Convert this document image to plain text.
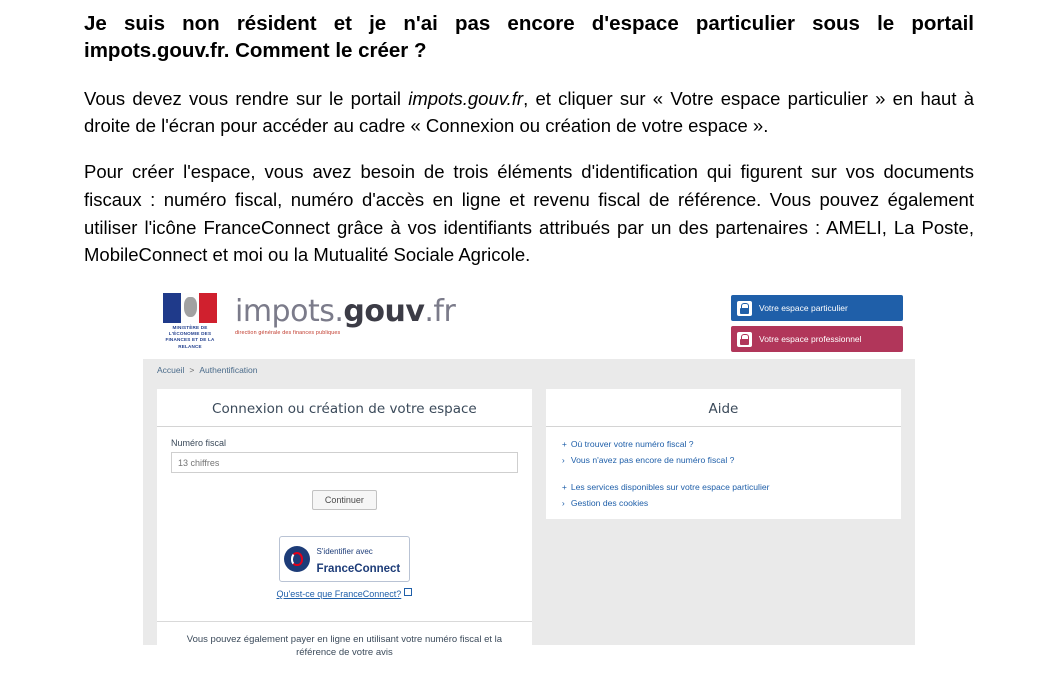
Je suis non résident et je n'ai pas encore d'espace particulier sous le portail
impots.gouv.fr. Comment le créer ?

Vous devez vous rendre sur le portail impots.gouv.fr, et cliquer sur « Votre espace particulier » en haut à droite de l'écran pour accéder au cadre « Connexion ou création de votre espace ».

Pour créer l'espace, vous avez besoin de trois éléments d'identification qui figurent sur vos documents fiscaux : numéro fiscal, numéro d'accès en ligne et revenu fiscal de référence. Vous pouvez également utiliser l'icône FranceConnect grâce à vos identifiants attribués par un des partenaires : AMELI, La Poste, MobileConnect et moi ou la Mutualité Sociale Agricole.

MINISTÈRE DE L'ÉCONOMIE DES FINANCES ET DE LA RELANCE
impots.gouv.fr
direction générale des finances publiques
Votre espace particulier
Votre espace professionnel
Accueil > Authentification
Connexion ou création de votre espace
Numéro fiscal
13 chiffres
Continuer
S'identifier avec
FranceConnect
Qu'est-ce que FranceConnect?
Vous pouvez également payer en ligne en utilisant votre numéro fiscal et la référence de votre avis
Aide
+ Où trouver votre numéro fiscal ?
› Vous n'avez pas encore de numéro fiscal ?
+ Les services disponibles sur votre espace particulier
› Gestion des cookies
